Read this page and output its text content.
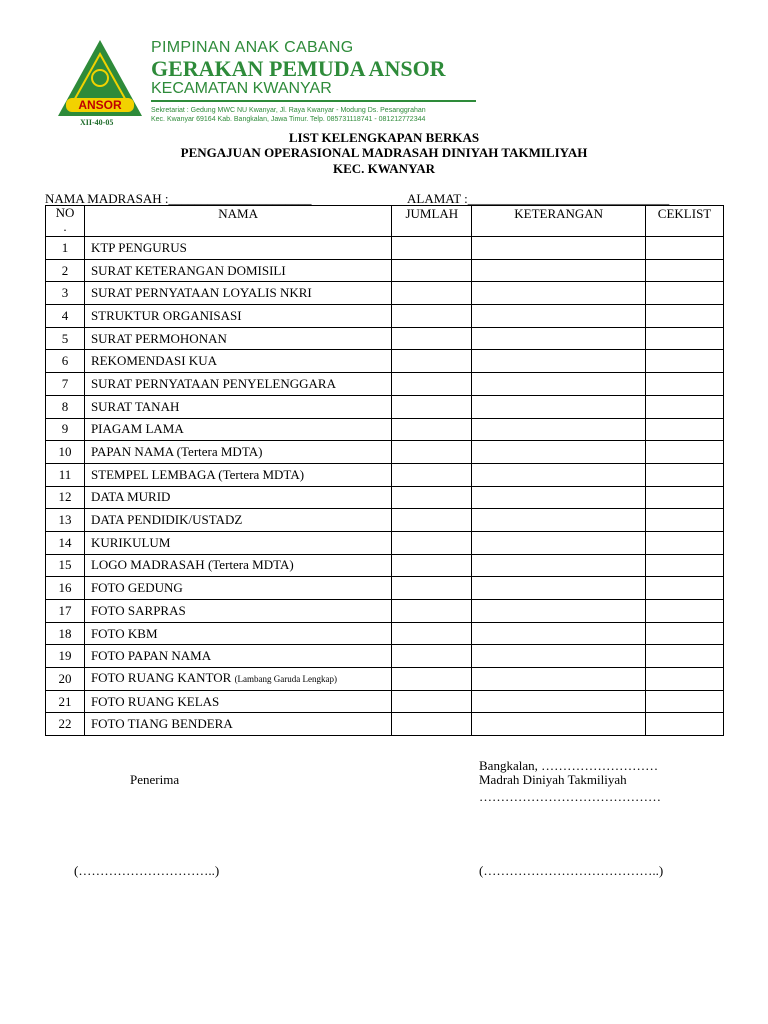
ANSOR
XII-40-05
PIMPINAN ANAK CABANG
GERAKAN PEMUDA ANSOR
KECAMATAN KWANYAR
Sekretariat : Gedung MWC NU Kwanyar, Jl. Raya Kwanyar - Modung Ds. Pesanggrahan
Kec. Kwanyar 69164 Kab. Bangkalan, Jawa Timur. Telp. 085731118741 - 081212772344
LIST KELENGKAPAN BERKAS
PENGAJUAN OPERASIONAL MADRASAH DINIYAH TAKMILIYAH
KEC. KWANYAR
NAMA MADRASAH :______________________	ALAMAT :_______________________________
NO
.	NAMA	JUMLAH	KETERANGAN	CEKLIST
1	KTP PENGURUS			
2	SURAT KETERANGAN DOMISILI			
3	SURAT PERNYATAAN LOYALIS NKRI			
4	STRUKTUR ORGANISASI			
5	SURAT PERMOHONAN			
6	REKOMENDASI KUA			
7	SURAT PERNYATAAN PENYELENGGARA			
8	SURAT TANAH			
9	PIAGAM LAMA			
10	PAPAN NAMA (Tertera MDTA)			
11	STEMPEL LEMBAGA (Tertera MDTA)			
12	DATA MURID			
13	DATA PENDIDIK/USTADZ			
14	KURIKULUM			
15	LOGO MADRASAH (Tertera MDTA)			
16	FOTO GEDUNG			
17	FOTO SARPRAS			
18	FOTO KBM			
19	FOTO PAPAN NAMA			
20	FOTO RUANG KANTOR (Lambang Garuda Lengkap)			
21	FOTO RUANG KELAS			
22	FOTO TIANG BENDERA			
Bangkalan, ………………………
Madrah Diniyah Takmiliyah
……………………………………
Penerima
(…………………………..)	(…………………………………..)
